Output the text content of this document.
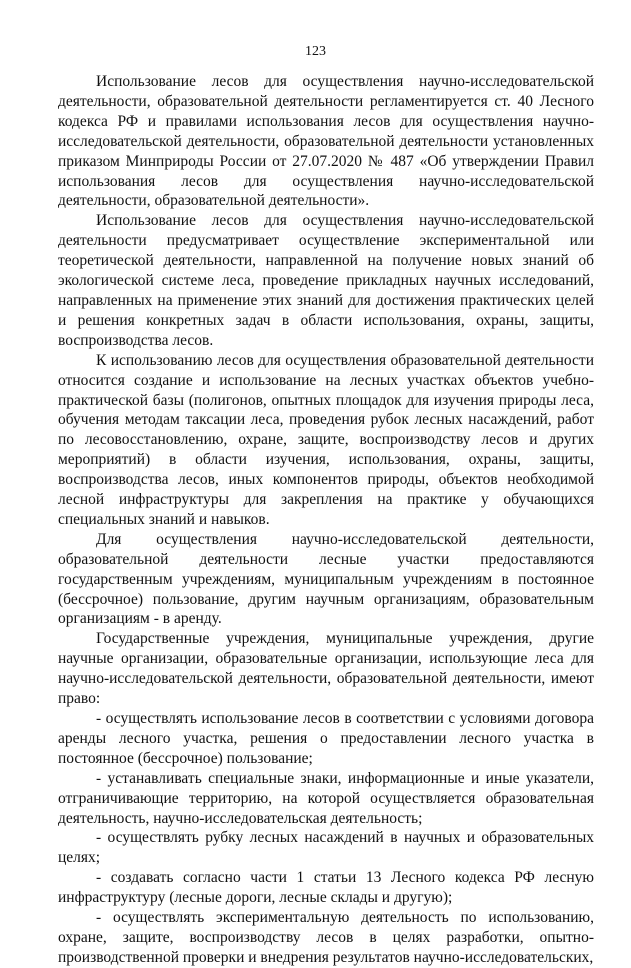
123

Использование лесов для осуществления научно-исследовательской деятельности, образовательной деятельности регламентируется ст. 40 Лесного кодекса РФ и правилами использования лесов для осуществления научно-исследовательской деятельности, образовательной деятельности установленных приказом Минприроды России от 27.07.2020 № 487 «Об утверждении Правил использования лесов для осуществления научно-исследовательской деятельности, образовательной деятельности».

Использование лесов для осуществления научно-исследовательской деятельности предусматривает осуществление экспериментальной или теоретической деятельности, направленной на получение новых знаний об экологической системе леса, проведение прикладных научных исследований, направленных на применение этих знаний для достижения практических целей и решения конкретных задач в области использования, охраны, защиты, воспроизводства лесов.

К использованию лесов для осуществления образовательной деятельности относится создание и использование на лесных участках объектов учебно-практической базы (полигонов, опытных площадок для изучения природы леса, обучения методам таксации леса, проведения рубок лесных насаждений, работ по лесовосстановлению, охране, защите, воспроизводству лесов и других мероприятий) в области изучения, использования, охраны, защиты, воспроизводства лесов, иных компонентов природы, объектов необходимой лесной инфраструктуры для закрепления на практике у обучающихся специальных знаний и навыков.

Для осуществления научно-исследовательской деятельности, образовательной деятельности лесные участки предоставляются государственным учреждениям, муниципальным учреждениям в постоянное (бессрочное) пользование, другим научным организациям, образовательным организациям - в аренду.

Государственные учреждения, муниципальные учреждения, другие научные организации, образовательные организации, использующие леса для научно-исследовательской деятельности, образовательной деятельности, имеют право:

- осуществлять использование лесов в соответствии с условиями договора аренды лесного участка, решения о предоставлении лесного участка в постоянное (бессрочное) пользование;

- устанавливать специальные знаки, информационные и иные указатели, отграничивающие территорию, на которой осуществляется образовательная деятельность, научно-исследовательская деятельность;

- осуществлять рубку лесных насаждений в научных и образовательных целях;

- создавать согласно части 1 статьи 13 Лесного кодекса РФ лесную инфраструктуру (лесные дороги, лесные склады и другую);

- осуществлять экспериментальную деятельность по использованию, охране, защите, воспроизводству лесов в целях разработки, опытно-производственной проверки и внедрения результатов научно-исследовательских,
